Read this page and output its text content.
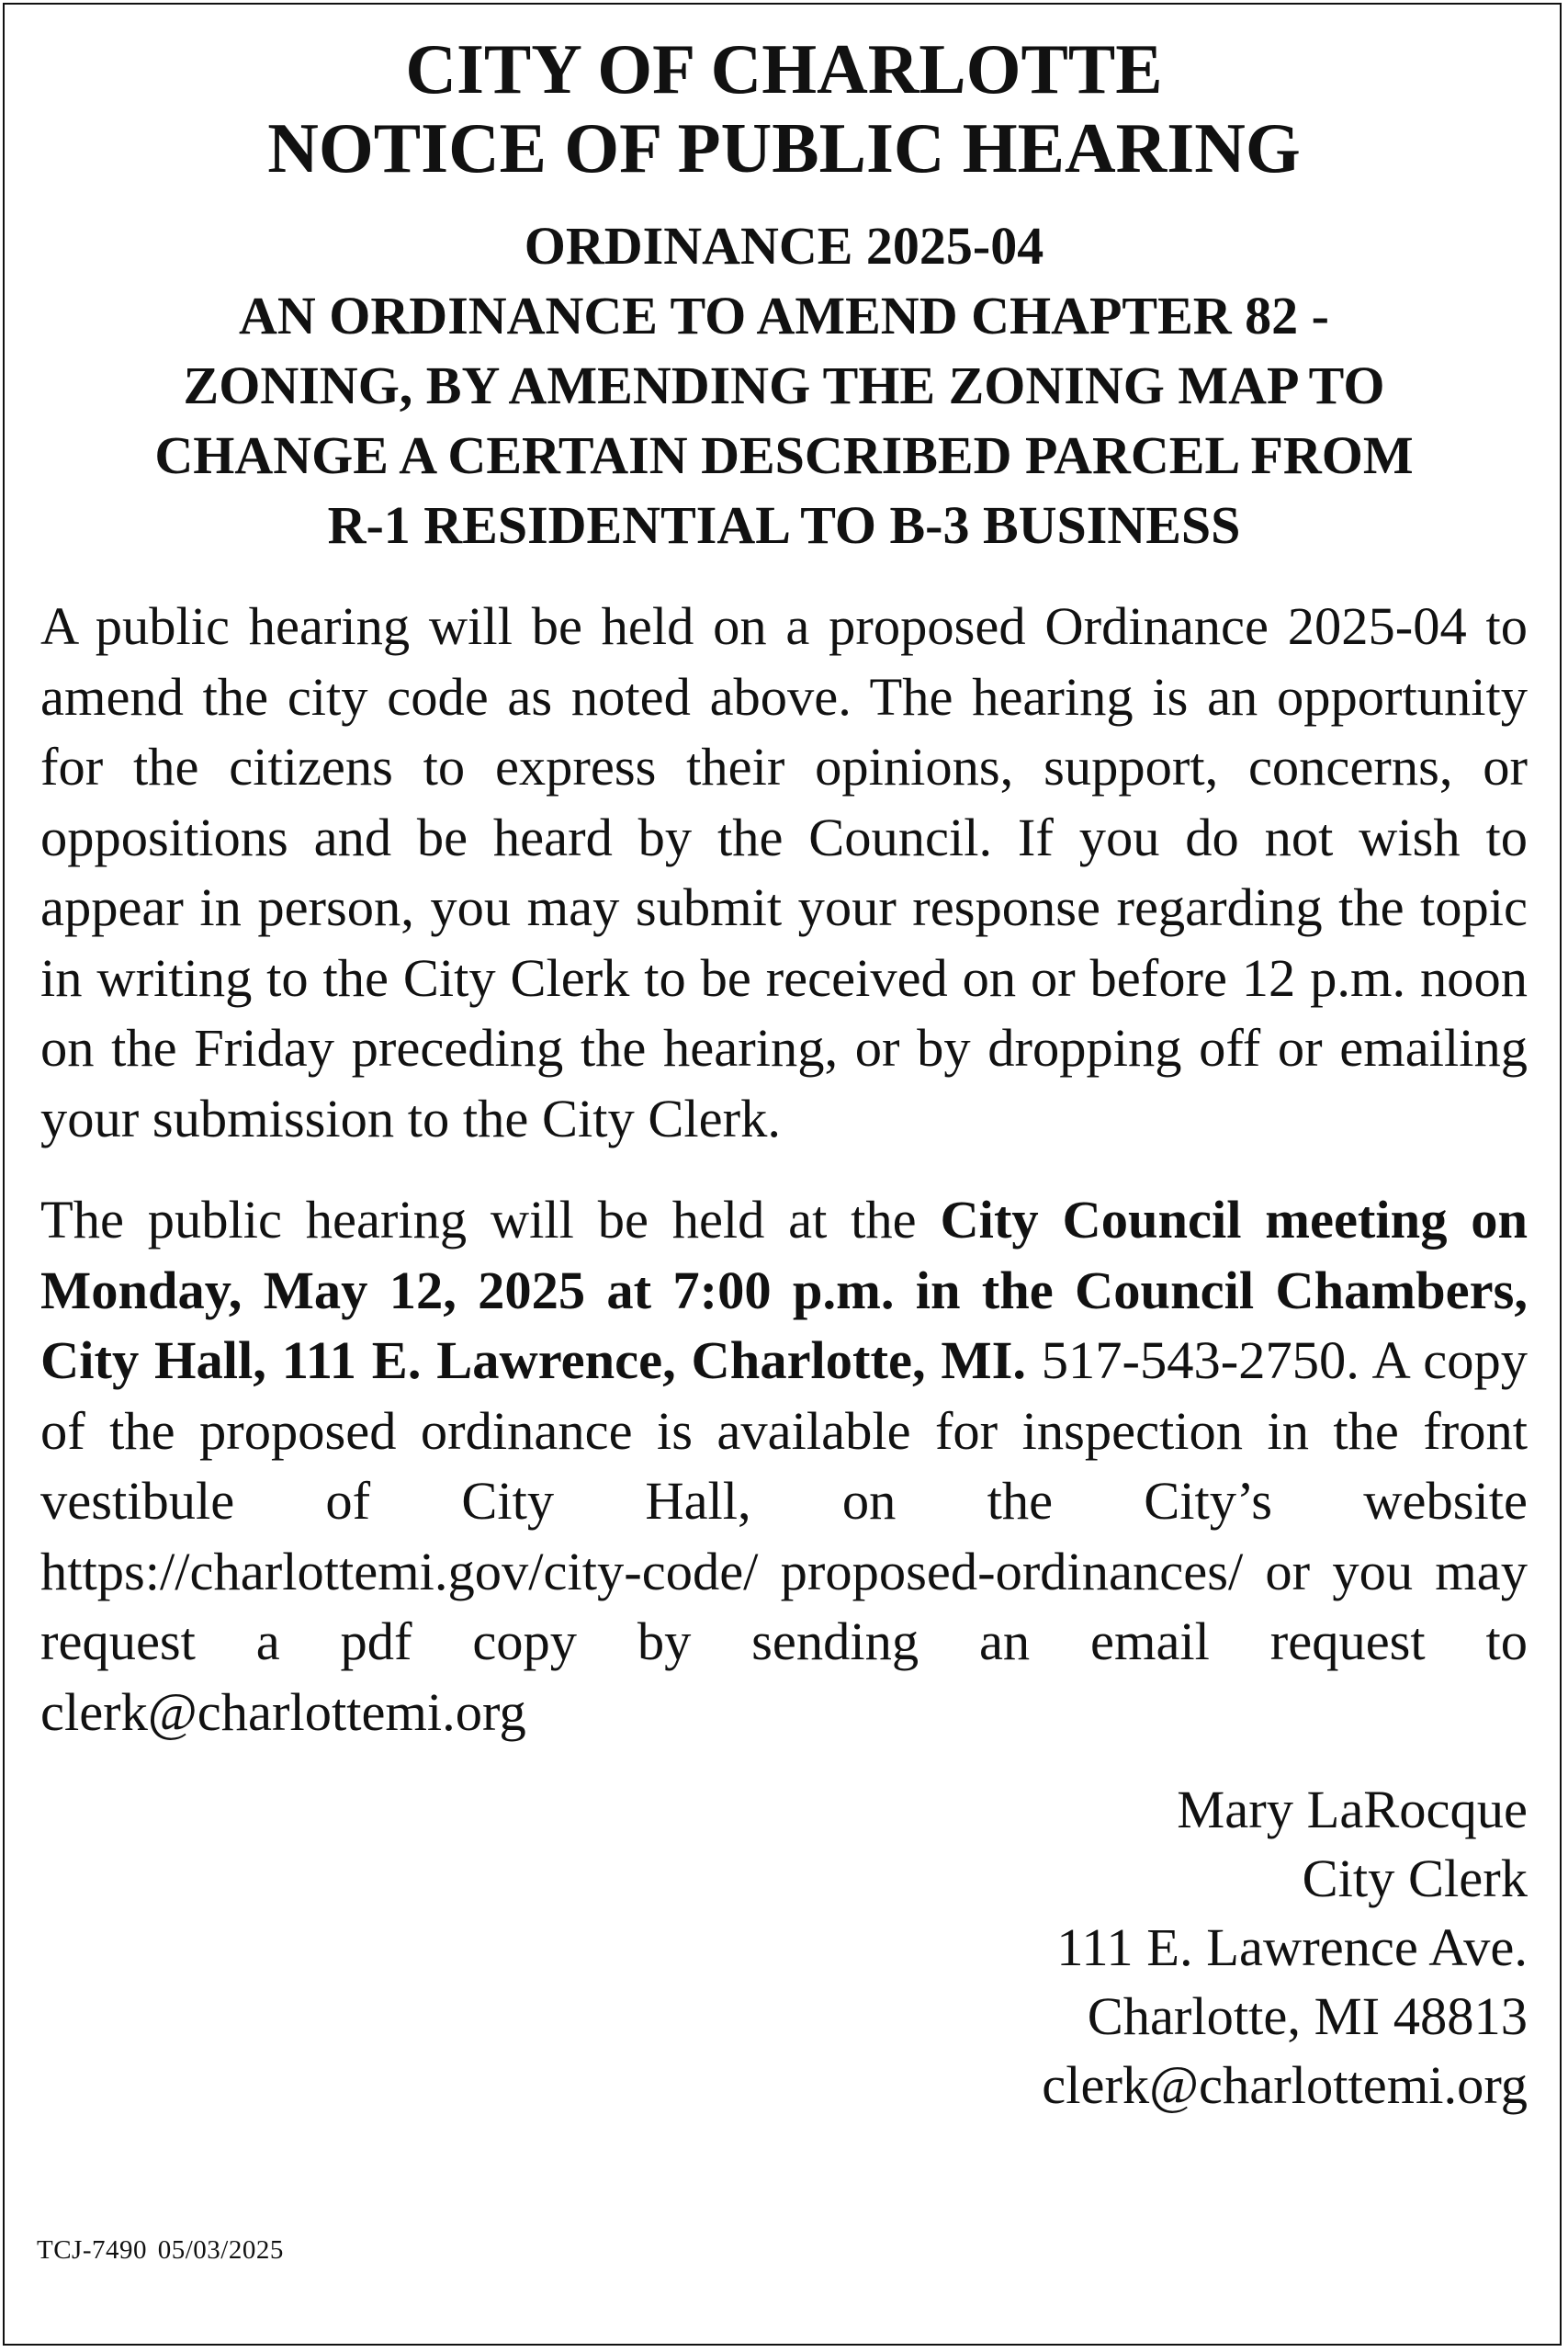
CITY OF CHARLOTTE
NOTICE OF PUBLIC HEARING
ORDINANCE 2025-04
AN ORDINANCE TO AMEND CHAPTER 82 -
ZONING, BY AMENDING THE ZONING MAP TO
CHANGE A CERTAIN DESCRIBED PARCEL FROM
R-1 RESIDENTIAL TO B-3 BUSINESS

A public hearing will be held on a proposed Ordinance 2025-04 to amend the city code as noted above. The hearing is an opportunity for the citizens to express their opinions, support, concerns, or oppositions and be heard by the Council. If you do not wish to appear in person, you may submit your response regarding the topic in writing to the City Clerk to be received on or before 12 p.m. noon on the Friday preceding the hearing, or by dropping off or emailing your submission to the City Clerk.

The public hearing will be held at the City Council meeting on Monday, May 12, 2025 at 7:00 p.m. in the Council Chambers, City Hall, 111 E. Lawrence, Charlotte, MI. 517-543-2750. A copy of the proposed ordinance is available for inspection in the front vestibule of City Hall, on the City’s website https://charlottemi.gov/city-code/ proposed-ordinances/ or you may request a pdf copy by sending an email request to clerk@charlottemi.org

Mary LaRocque
City Clerk
111 E. Lawrence Ave.
Charlotte, MI 48813
clerk@charlottemi.org
TCJ-7490 05/03/2025
